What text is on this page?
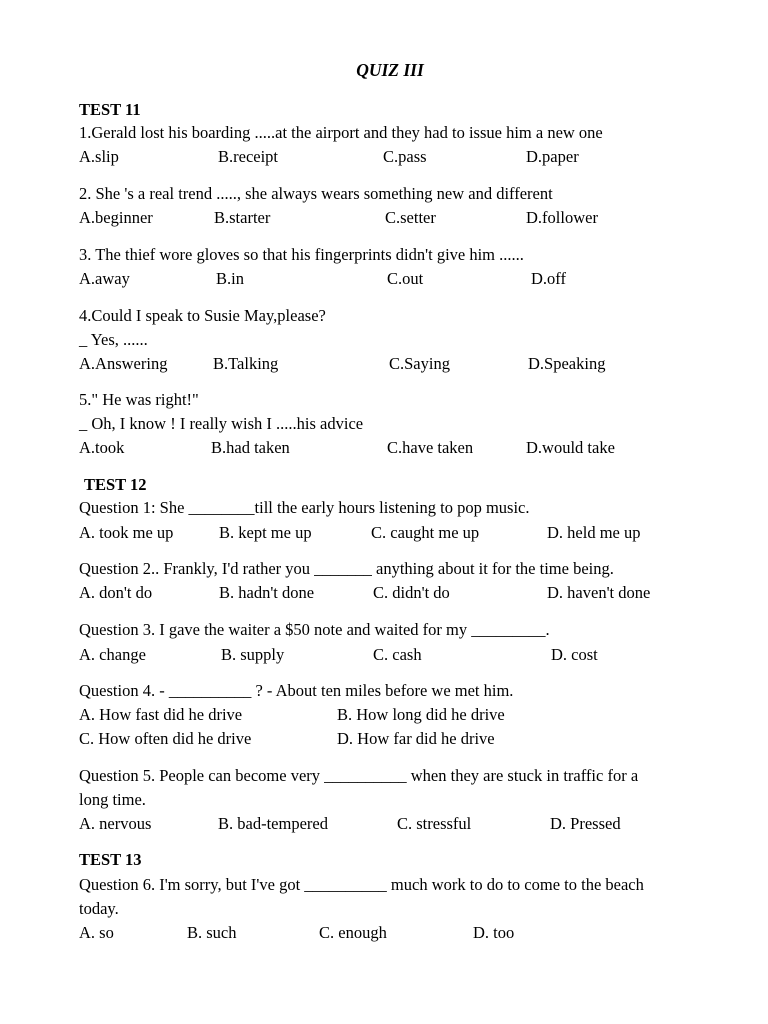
QUIZ III
TEST 11
1.Gerald lost his boarding .....at the airport and they had to issue him a new one
A.slip	B.receipt	C.pass	D.paper
2. She 's a real trend ....., she always wears something new and different
A.beginner	B.starter	C.setter	D.follower
3. The thief wore gloves so that his fingerprints didn't give him ......
A.away	B.in	C.out	D.off
4.Could I speak to Susie May,please?
_ Yes, ......
A.Answering	B.Talking	C.Saying	D.Speaking
5." He was right!"
_ Oh, I know ! I really wish I .....his advice
A.took	B.had taken	C.have taken	D.would take
TEST 12
Question 1: She ________till the early hours listening to pop music.
A. took me up	B. kept me up	C. caught me up	D. held me up
Question 2.. Frankly, I'd rather you _______ anything about it for the time being.
A. don't do	B. hadn't done	C. didn't do	D. haven't done
Question 3. I gave the waiter a $50 note and waited for my _________.
A. change	B. supply	C. cash	D. cost
Question 4. - __________ ? - About ten miles before we met him.
A. How fast did he drive	B. How long did he drive
C. How often did he drive	D. How far did he drive
Question 5. People can become very __________ when they are stuck in traffic for a
long time.
A. nervous	B. bad-tempered	C. stressful	D. Pressed
TEST 13
Question 6. I'm sorry, but I've got __________ much work to do to come to the beach
today.
A. so	B. such	C. enough	D. too
